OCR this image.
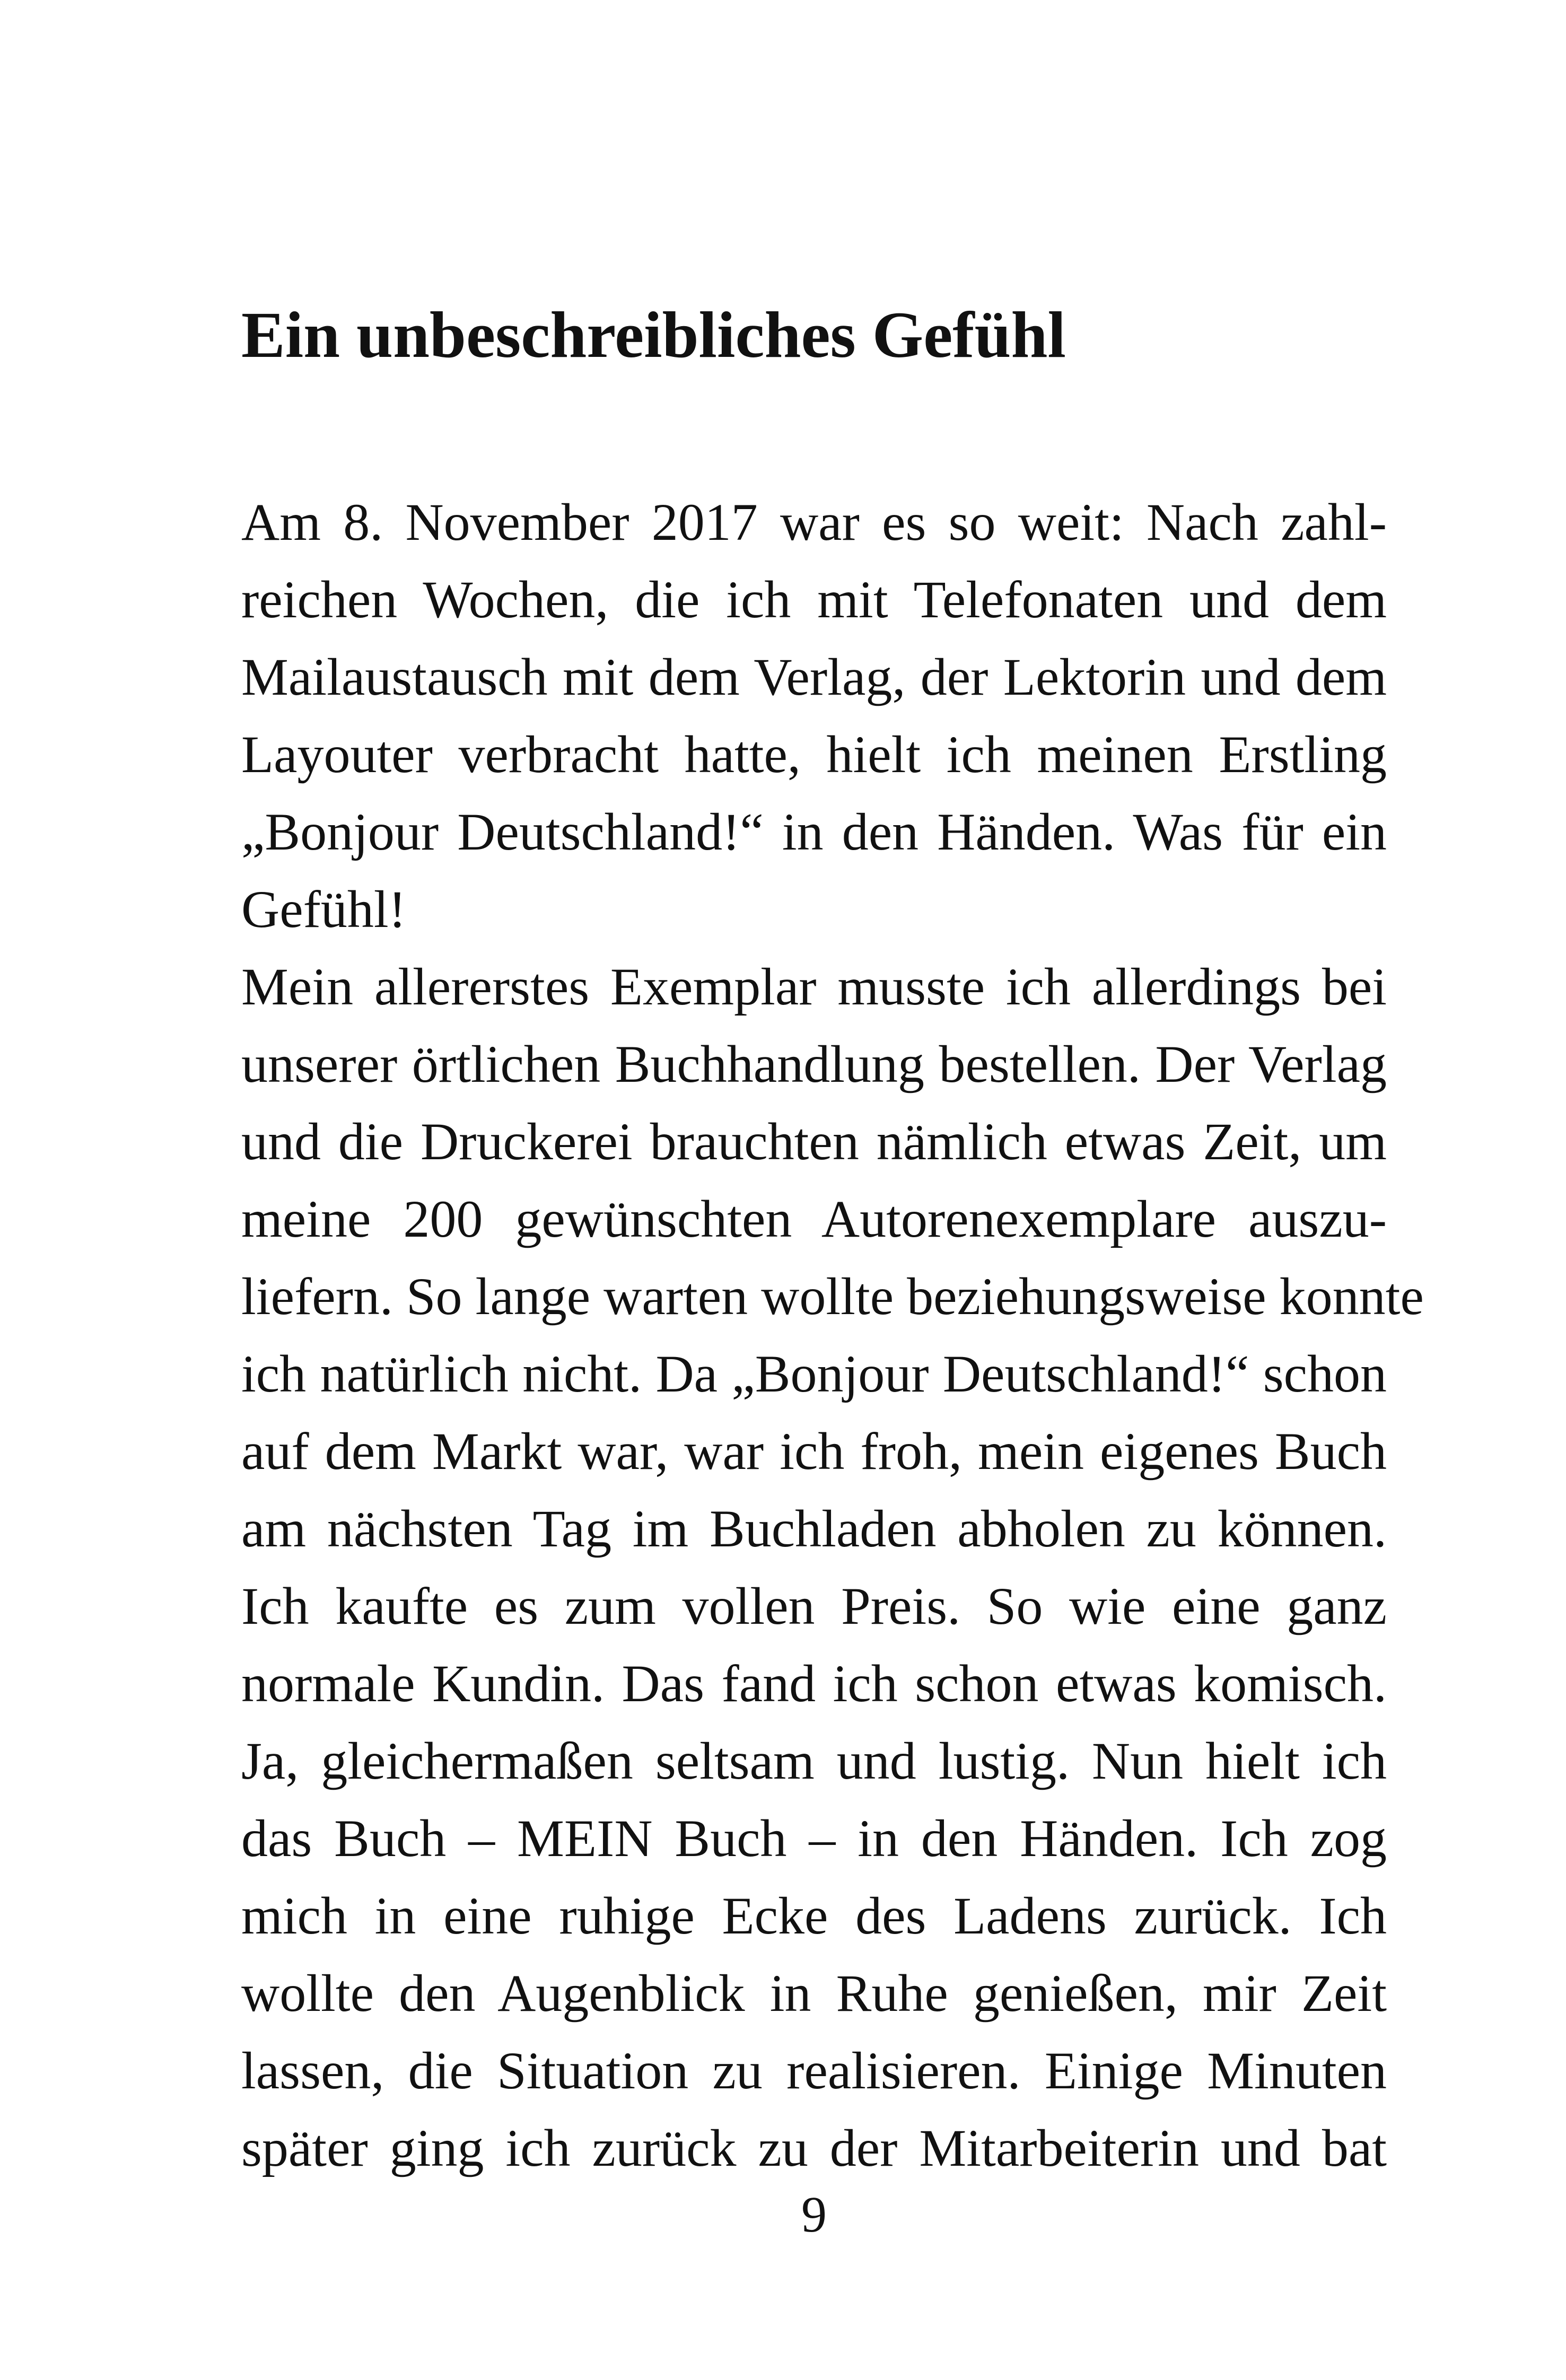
Ein unbeschreibliches Gefühl
Am 8. November 2017 war es so weit: Nach zahl-
reichen Wochen, die ich mit Telefonaten und dem
Mailaustausch mit dem Verlag, der Lektorin und dem
Layouter verbracht hatte, hielt ich meinen Erstling
„Bonjour Deutschland!“ in den Händen. Was für ein
Gefühl!
Mein allererstes Exemplar musste ich allerdings bei
unserer örtlichen Buchhandlung bestellen. Der Verlag
und die Druckerei brauchten nämlich etwas Zeit, um
meine 200 gewünschten Autorenexemplare auszu-
liefern. So lange warten wollte beziehungsweise konnte
ich natürlich nicht. Da „Bonjour Deutschland!“ schon
auf dem Markt war, war ich froh, mein eigenes Buch
am nächsten Tag im Buchladen abholen zu können.
Ich kaufte es zum vollen Preis. So wie eine ganz
normale Kundin. Das fand ich schon etwas komisch.
Ja, gleichermaßen seltsam und lustig. Nun hielt ich
das Buch – MEIN Buch – in den Händen. Ich zog
mich in eine ruhige Ecke des Ladens zurück. Ich
wollte den Augenblick in Ruhe genießen, mir Zeit
lassen, die Situation zu realisieren. Einige Minuten
später ging ich zurück zu der Mitarbeiterin und bat
9
